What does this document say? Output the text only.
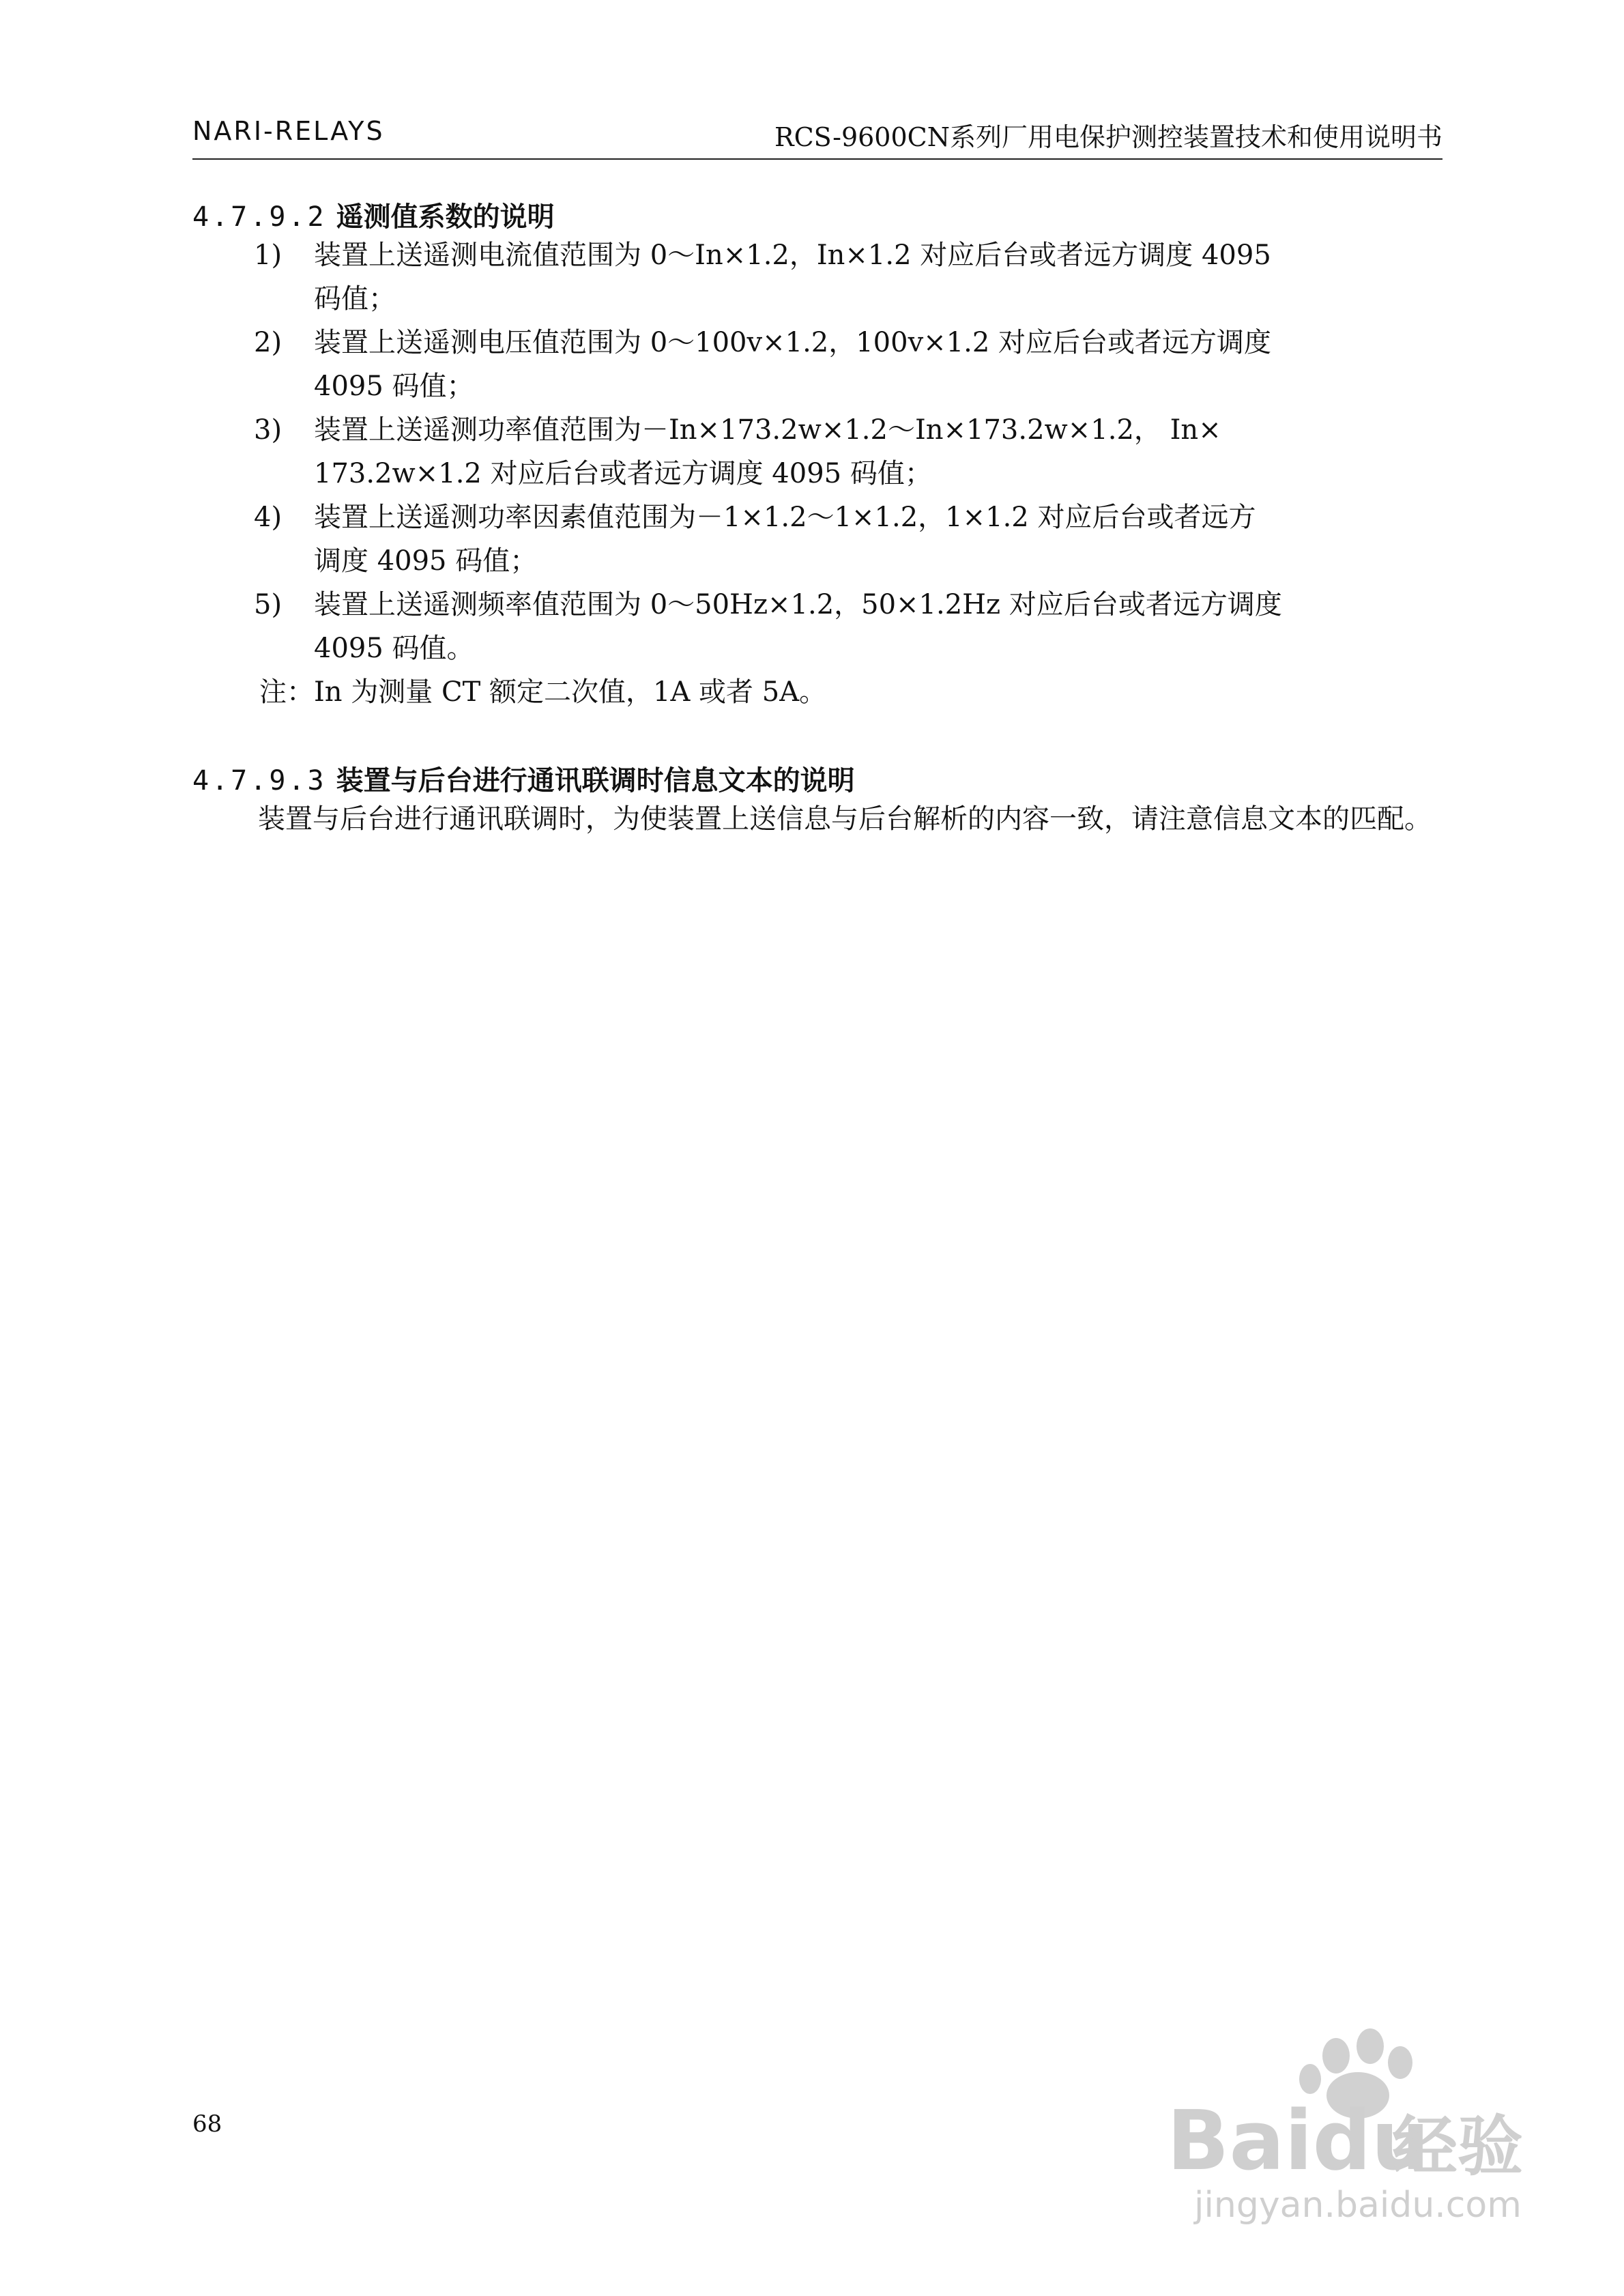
NARI-RELAYS	RCS-9600CN系列厂用电保护测控装置技术和使用说明书
4.7.9.2 遥测值系数的说明
1)	装置上送遥测电流值范围为 0～In×1.2，In×1.2 对应后台或者远方调度 4095
码值；
2)	装置上送遥测电压值范围为 0～100v×1.2，100v×1.2 对应后台或者远方调度
4095 码值；
3)	装置上送遥测功率值范围为－In×173.2w×1.2～In×173.2w×1.2， In×
173.2w×1.2 对应后台或者远方调度 4095 码值；
4)	装置上送遥测功率因素值范围为－1×1.2～1×1.2，1×1.2 对应后台或者远方
调度 4095 码值；
5)	装置上送遥测频率值范围为 0～50Hz×1.2，50×1.2Hz 对应后台或者远方调度
4095 码值。
注：In 为测量 CT 额定二次值，1A 或者 5A。
4.7.9.3 装置与后台进行通讯联调时信息文本的说明
装置与后台进行通讯联调时，为使装置上送信息与后台解析的内容一致，请注意信息文本的匹配。
68	Baidu
经验
jingyan.baidu.com
